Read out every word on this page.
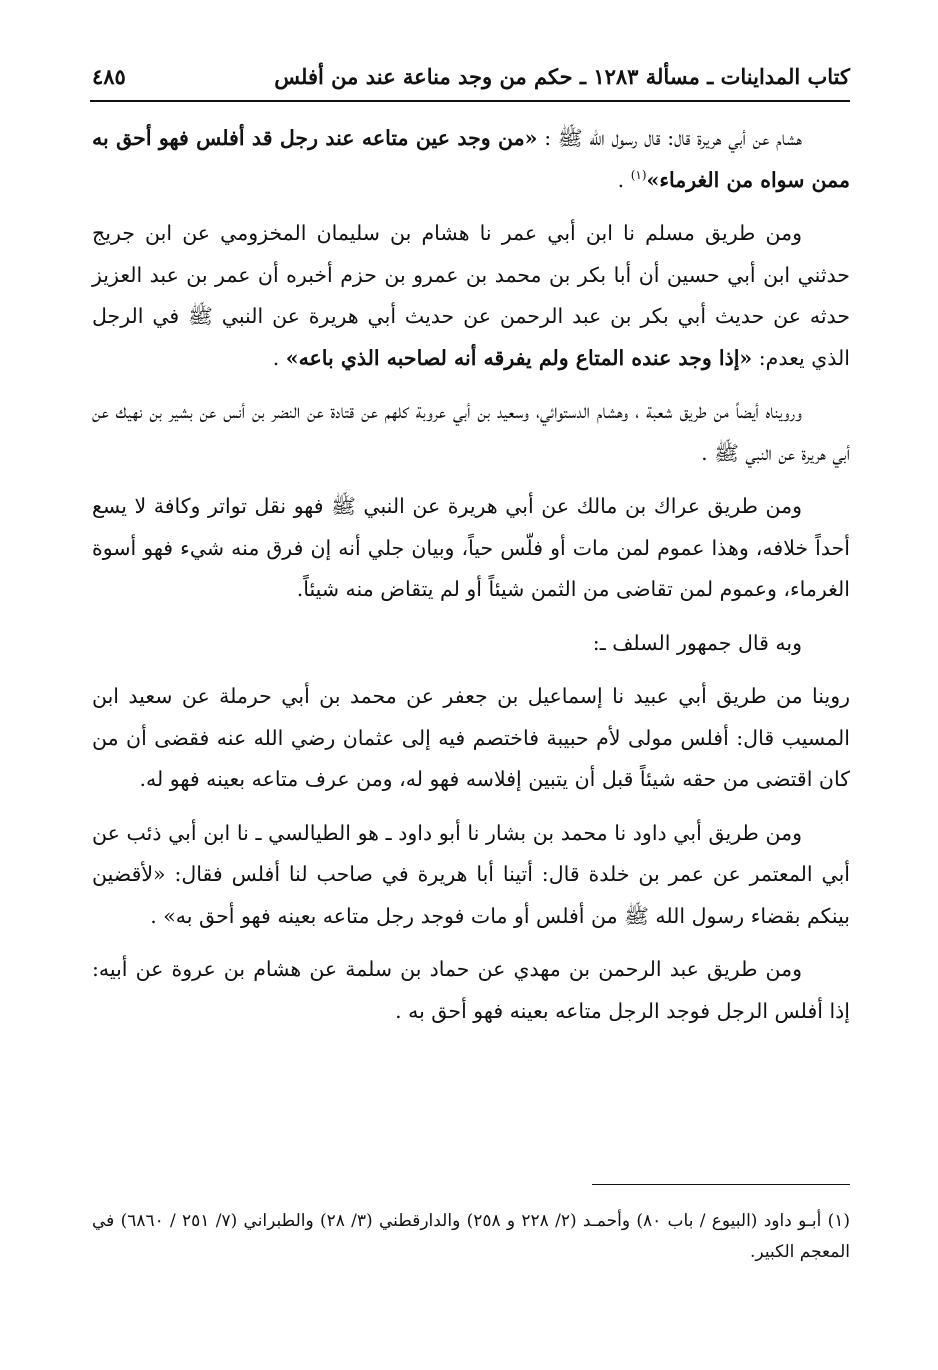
كتاب المداينات ـ مسألة ١٢٨٣ ـ حكم من وجد مناعة عند من أفلس
٤٨٥

هشام عن أبي هريرة قال: قال رسول الله ﷺ : «من وجد عين متاعه عند رجل قد أفلس فهو أحق به ممن سواه من الغرماء»$^{(١)}$ .

ومن طريق مسلم نا ابن أبي عمر نا هشام بن سليمان المخزومي عن ابن جريج حدثني ابن أبي حسين أن أبا بكر بن محمد بن عمرو بن حزم أخبره أن عمر بن عبد العزيز حدثه عن حديث أبي بكر بن عبد الرحمن عن حديث أبي هريرة عن النبي ﷺ في الرجل الذي يعدم: «إذا وجد عنده المتاع ولم يفرقه أنه لصاحبه الذي باعه» .

ورويناه أيضاً من طريق شعبة ، وهشام الدستوائي، وسعيد بن أبي عروبة كلهم عن قتادة عن النضر بن أنس عن بشير بن نهيك عن أبي هريرة عن النبي ﷺ .

ومن طريق عراك بن مالك عن أبي هريرة عن النبي ﷺ فهو نقل تواتر وكافة لا يسع أحداً خلافه، وهذا عموم لمن مات أو فلّس حياً، وبيان جلي أنه إن فرق منه شيء فهو أسوة الغرماء، وعموم لمن تقاضى من الثمن شيئاً أو لم يتقاض منه شيئاً.

وبه قال جمهور السلف ـ:

روينا من طريق أبي عبيد نا إسماعيل بن جعفر عن محمد بن أبي حرملة عن سعيد ابن المسيب قال: أفلس مولى لأم حبيبة فاختصم فيه إلى عثمان رضي الله عنه فقضى أن من كان اقتضى من حقه شيئاً قبل أن يتبين إفلاسه فهو له، ومن عرف متاعه بعينه فهو له.

ومن طريق أبي داود نا محمد بن بشار نا أبو داود ـ هو الطيالسي ـ نا ابن أبي ذئب عن أبي المعتمر عن عمر بن خلدة قال: أتينا أبا هريرة في صاحب لنا أفلس فقال: «لأقضين بينكم بقضاء رسول الله ﷺ من أفلس أو مات فوجد رجل متاعه بعينه فهو أحق به» .

ومن طريق عبد الرحمن بن مهدي عن حماد بن سلمة عن هشام بن عروة عن أبيه: إذا أفلس الرجل فوجد الرجل متاعه بعينه فهو أحق به .

(١) أبـو داود (البيوع / باب ٨٠) وأحمـد (٢/ ٢٢٨ و ٢٥٨) والدارقطني (٣/ ٢٨) والطبراني (٧/ ٢٥١ / ٦٨٦٠) في المعجم الكبير.
